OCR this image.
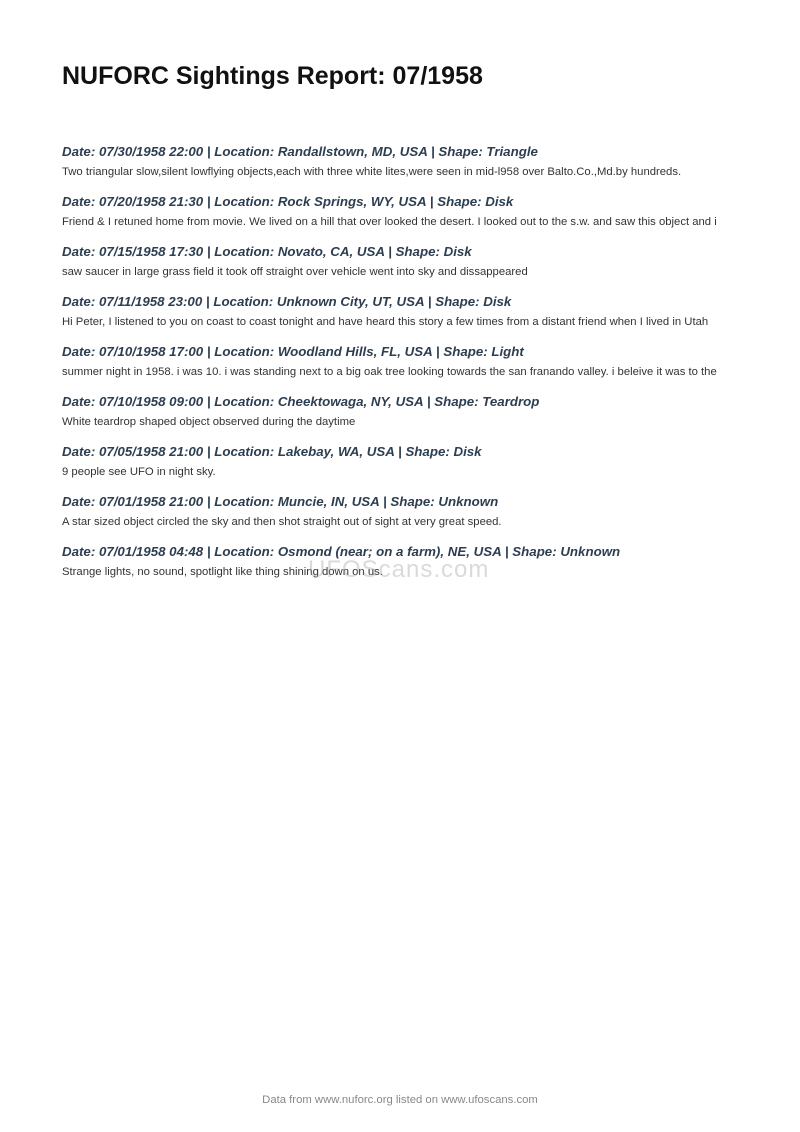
NUFORC Sightings Report: 07/1958
Date: 07/30/1958 22:00 | Location: Randallstown, MD, USA | Shape: Triangle

Two triangular slow,silent lowflying objects,each with three white lites,were seen in mid-l958 over Balto.Co.,Md.by hundreds.

Date: 07/20/1958 21:30 | Location: Rock Springs, WY, USA | Shape: Disk

Friend & I retuned home from movie. We lived on a hill that over looked the desert. I looked out to the s.w. and saw this object and i

Date: 07/15/1958 17:30 | Location: Novato, CA, USA | Shape: Disk

saw saucer in large grass field it took off straight over vehicle went into sky and dissappeared

Date: 07/11/1958 23:00 | Location: Unknown City, UT, USA | Shape: Disk

Hi Peter, I listened to you on coast to coast tonight and have heard this story a few times from a distant friend when I lived in Utah

Date: 07/10/1958 17:00 | Location: Woodland Hills, FL, USA | Shape: Light

summer night in 1958. i was 10. i was standing next to a big oak tree looking towards the san franando valley. i beleive it was to the

Date: 07/10/1958 09:00 | Location: Cheektowaga, NY, USA | Shape: Teardrop

White teardrop shaped object observed during the daytime

Date: 07/05/1958 21:00 | Location: Lakebay, WA, USA | Shape: Disk

9 people see UFO in night sky.

Date: 07/01/1958 21:00 | Location: Muncie, IN, USA | Shape: Unknown

A star sized object circled the sky and then shot straight out of sight at very great speed.

Date: 07/01/1958 04:48 | Location: Osmond (near; on a farm), NE, USA | Shape: Unknown

Strange lights, no sound, spotlight like thing shining down on us.

UFOScans.com
Data from www.nuforc.org listed on www.ufoscans.com
